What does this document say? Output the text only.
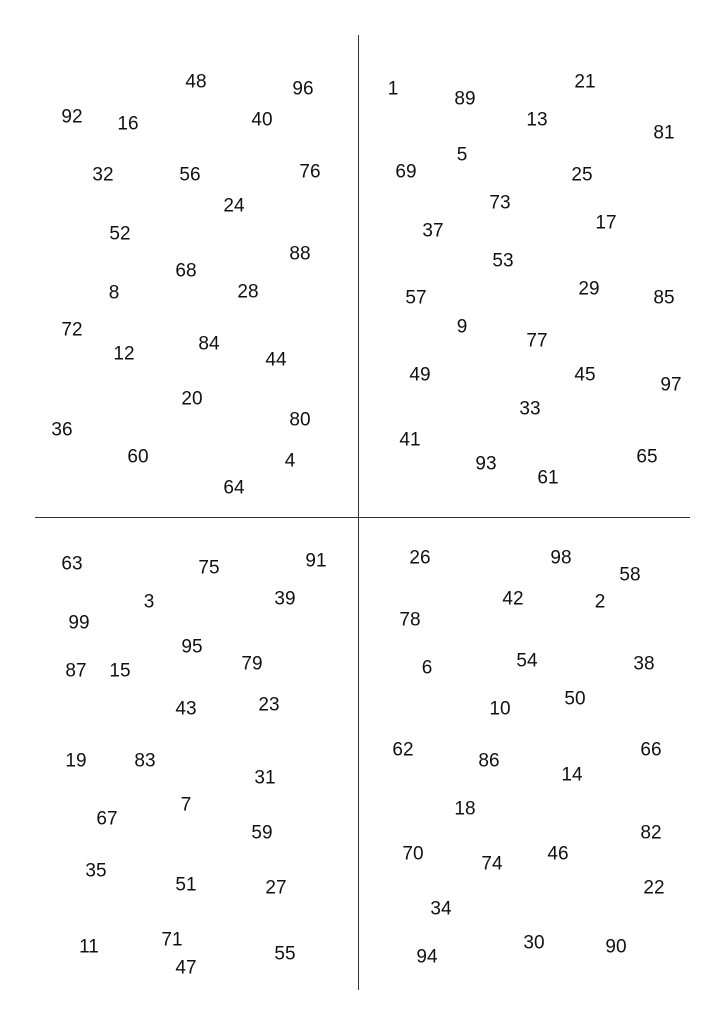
48	96
92 16	40
32	56	76
24
52
88
68
8	28
72
12	84
44
20
36	80
60	4
64
1	89
21
13
81
5
69	25
73
37	17
53
29
57	85
9
77
49	45	97
33
41
93
61
65
63	75	91
3	39
99
95
87 15	79
43	23
19	83
31
7
67
59
35
51	27
11	71
47
55
26	98
58
42	2
78
54	38
6
50
10
62	66
86
14
18
82
70	74 46
22
34
30	90
94
